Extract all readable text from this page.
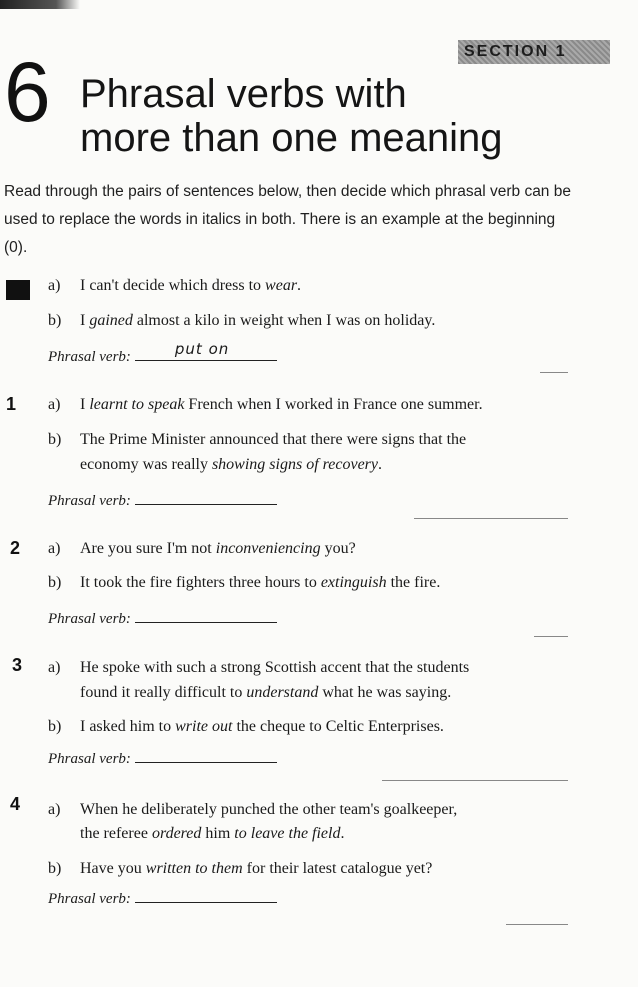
SECTION 1
6 Phrasal verbs with
more than one meaning

Read through the pairs of sentences below, then decide which phrasal verb can be used to replace the words in italics in both. There is an example at the beginning (0).

a) I can't decide which dress to wear.
b) I gained almost a kilo in weight when I was on holiday.
Phrasal verb:	put on
1 a) I learnt to speak French when I worked in France one summer.
b) The Prime Minister announced that there were signs that the
economy was really showing signs of recovery.
Phrasal verb:
2 a) Are you sure I'm not inconveniencing you?
b) It took the fire fighters three hours to extinguish the fire.
Phrasal verb:
3 a) He spoke with such a strong Scottish accent that the students
found it really difficult to understand what he was saying.
b) I asked him to write out the cheque to Celtic Enterprises.
Phrasal verb:
4 a) When he deliberately punched the other team's goalkeeper,
the referee ordered him to leave the field.
b) Have you written to them for their latest catalogue yet?
Phrasal verb:
